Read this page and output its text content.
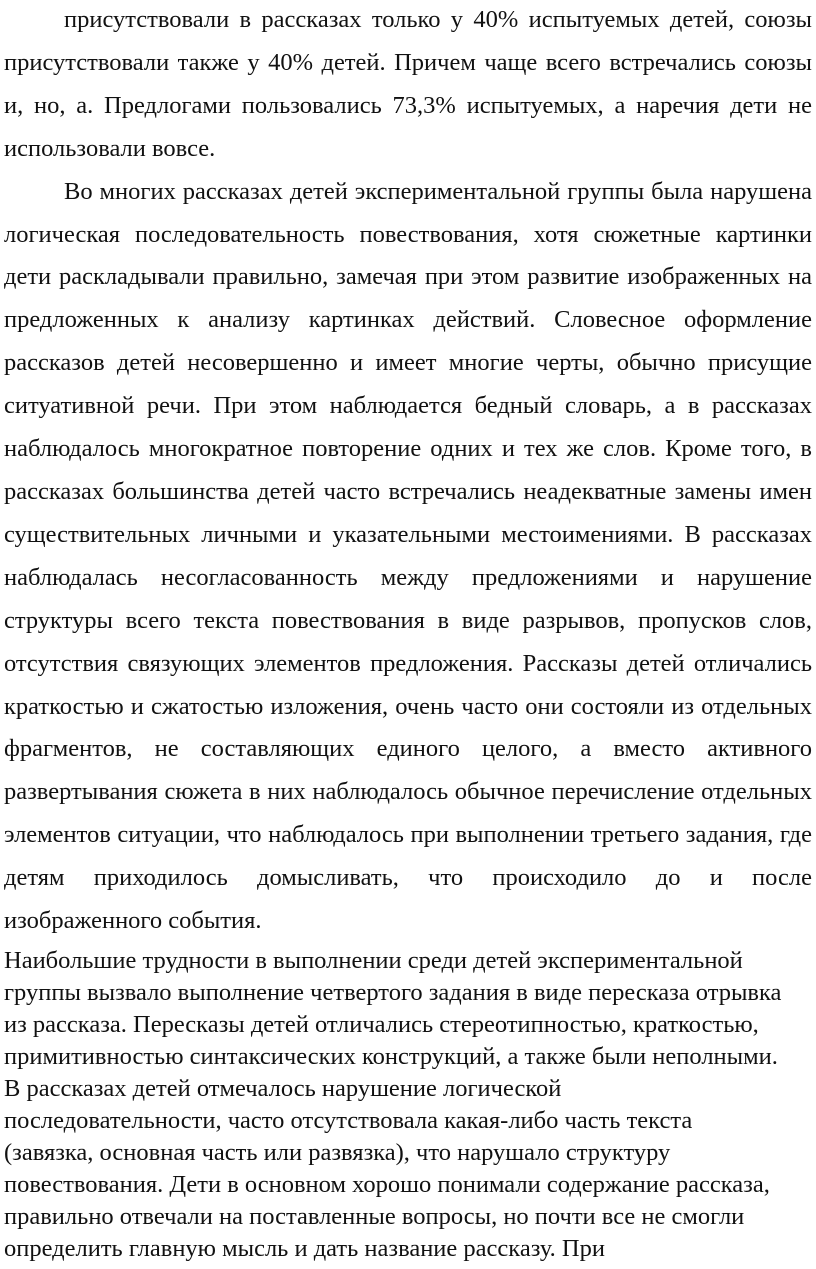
присутствовали в рассказах только у 40% испытуемых детей, союзы присутствовали также у 40% детей. Причем чаще всего встречались союзы и, но, а. Предлогами пользовались 73,3% испытуемых, а наречия дети не использовали вовсе.

Во многих рассказах детей экспериментальной группы была нарушена логическая последовательность повествования, хотя сюжетные картинки дети раскладывали правильно, замечая при этом развитие изображенных на предложенных к анализу картинках действий. Словесное оформление рассказов детей несовершенно и имеет многие черты, обычно присущие ситуативной речи. При этом наблюдается бедный словарь, а в рассказах наблюдалось многократное повторение одних и тех же слов. Кроме того, в рассказах большинства детей часто встречались неадекватные замены имен существительных личными и указательными местоимениями. В рассказах наблюдалась несогласованность между предложениями и нарушение структуры всего текста повествования в виде разрывов, пропусков слов, отсутствия связующих элементов предложения. Рассказы детей отличались краткостью и сжатостью изложения, очень часто они состояли из отдельных фрагментов, не составляющих единого целого, а вместо активного развертывания сюжета в них наблюдалось обычное перечисление отдельных элементов ситуации, что наблюдалось при выполнении третьего задания, где детям приходилось домысливать, что происходило до и после изображенного события.

Наибольшие трудности в выполнении среди детей экспериментальной группы вызвало выполнение четвертого задания в виде пересказа отрывка из рассказа. Пересказы детей отличались стереотипностью, краткостью, примитивностью синтаксических конструкций, а также были неполными. В рассказах детей отмечалось нарушение логической последовательности, часто отсутствовала какая-либо часть текста (завязка, основная часть или развязка), что нарушало структуру повествования. Дети в основном хорошо понимали содержание рассказа, правильно отвечали на поставленные вопросы, но почти все не смогли определить главную мысль и дать название рассказу. При
